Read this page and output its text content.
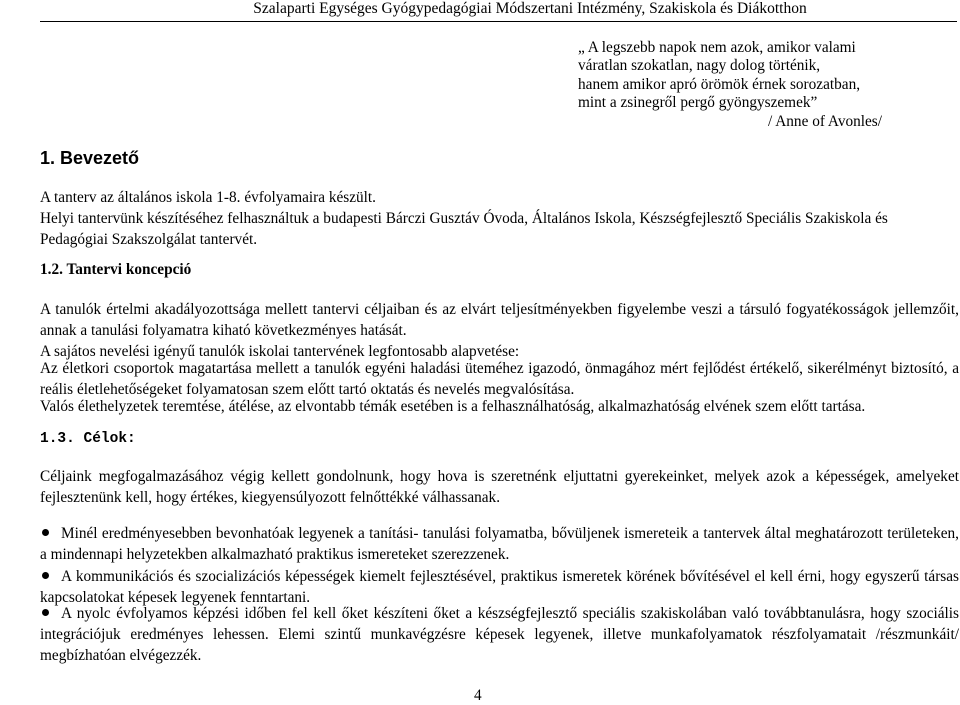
Szalaparti Egységes Gyógypedagógiai Módszertani Intézmény, Szakiskola és Diákotthon
„ A legszebb napok nem azok, amikor valami
váratlan szokatlan, nagy dolog történik,
hanem amikor apró örömök érnek sorozatban,
mint a zsinegről pergő gyöngyszemek”
/ Anne of Avonles/
1. Bevezető
A tanterv az általános iskola 1-8. évfolyamaira készült.
Helyi tantervünk készítéséhez felhasználtuk a budapesti Bárczi Gusztáv Óvoda, Általános Iskola, Készségfejlesztő Speciális Szakiskola és
Pedagógiai Szakszolgálat tantervét.
1.2. Tantervi koncepció
A tanulók értelmi akadályozottsága mellett tantervi céljaiban és az elvárt teljesítményekben figyelembe veszi a társuló fogyatékosságok jellemzőit, annak a tanulási folyamatra kiható következményes hatását.
A sajátos nevelési igényű tanulók iskolai tantervének legfontosabb alapvetése:
Az életkori csoportok magatartása mellett a tanulók egyéni haladási üteméhez igazodó, önmagához mért fejlődést értékelő, sikerélményt biztosító, a reális életlehetőségeket folyamatosan szem előtt tartó oktatás és nevelés megvalósítása.
Valós élethelyzetek teremtése, átélése, az elvontabb témák esetében is a felhasználhatóság, alkalmazhatóság elvének szem előtt tartása.
1.3. Célok:
Céljaink megfogalmazásához végig kellett gondolnunk, hogy hova is szeretnénk eljuttatni gyerekeinket, melyek azok a képességek, amelyeket fejlesztenünk kell, hogy értékes, kiegyensúlyozott felnőttékké válhassanak.
Minél eredményesebben bevonhatóak legyenek a tanítási- tanulási folyamatba, bővüljenek ismereteik a tantervek által meghatározott területeken, a mindennapi helyzetekben alkalmazható praktikus ismereteket szerezzenek.
A kommunikációs és szocializációs képességek kiemelt fejlesztésével, praktikus ismeretek körének bővítésével el kell érni, hogy egyszerű társas kapcsolatokat képesek legyenek fenntartani.
A nyolc évfolyamos képzési időben fel kell őket készíteni őket a készségfejlesztő speciális szakiskolában való továbbtanulásra, hogy szociális integrációjuk eredményes lehessen. Elemi szintű munkavégzésre képesek legyenek, illetve munkafolyamatok részfolyamatait /részmunkáit/ megbízhatóan elvégezzék.
4
